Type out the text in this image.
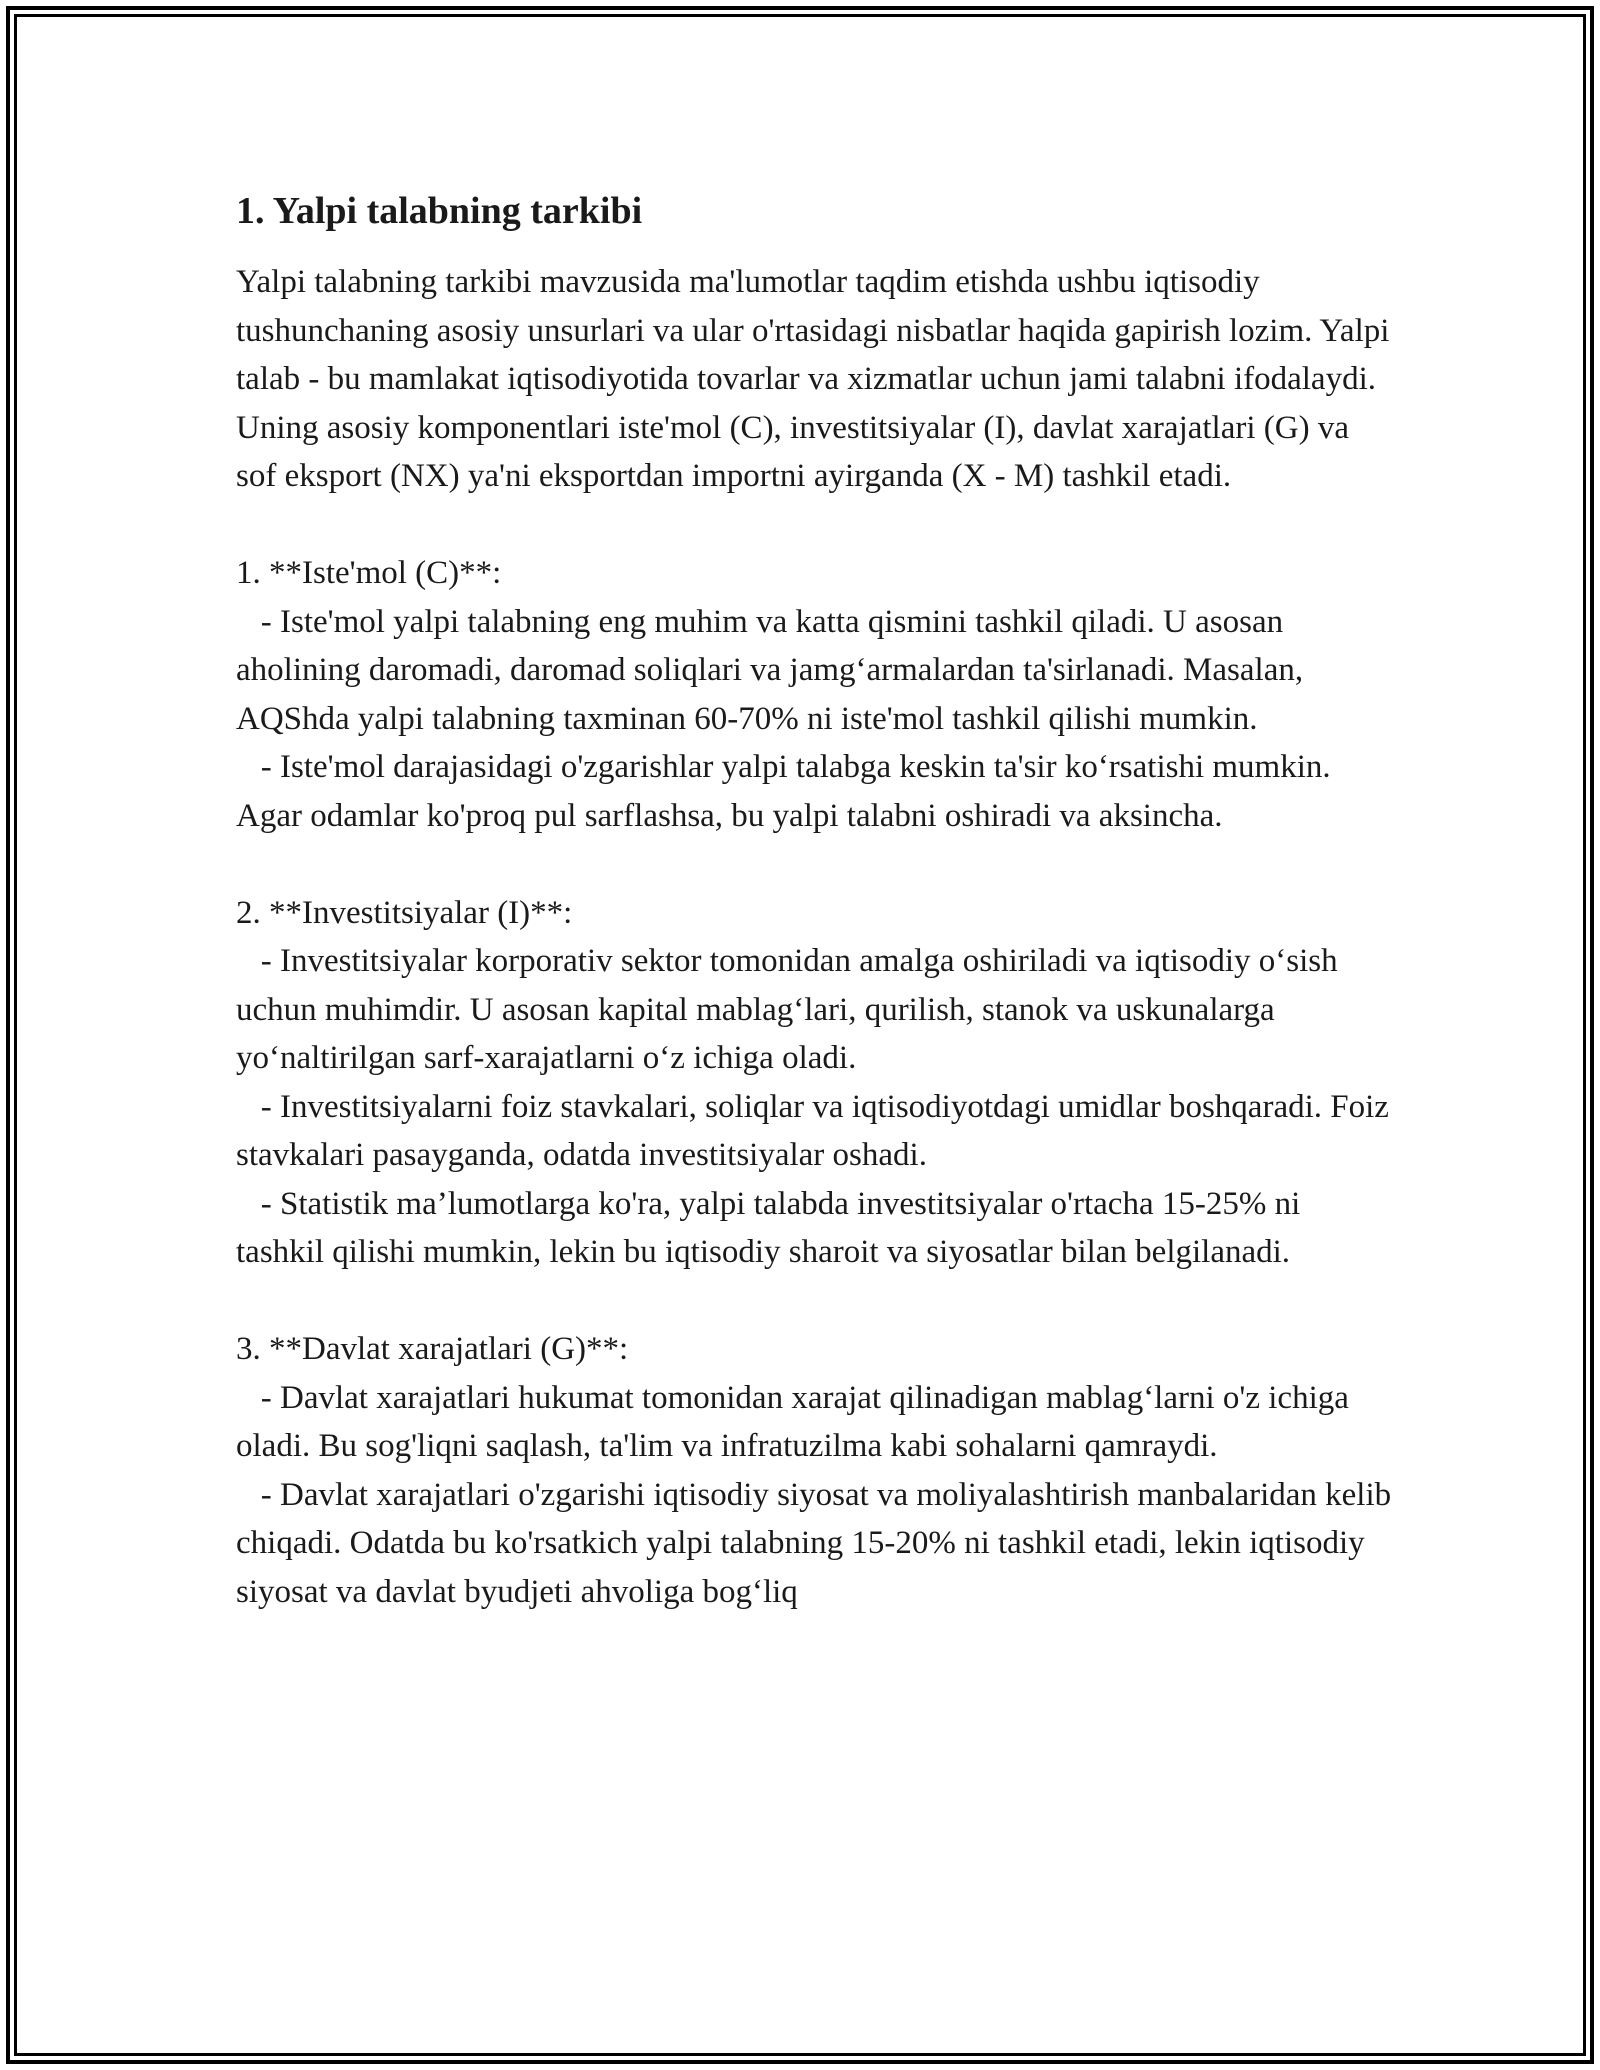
1. Yalpi talabning tarkibi

Yalpi talabning tarkibi mavzusida ma'lumotlar taqdim etishda ushbu iqtisodiy tushunchaning asosiy unsurlari va ular o'rtasidagi nisbatlar haqida gapirish lozim. Yalpi talab - bu mamlakat iqtisodiyotida tovarlar va xizmatlar uchun jami talabni ifodalaydi. Uning asosiy komponentlari iste'mol (C), investitsiyalar (I), davlat xarajatlari (G) va sof eksport (NX) ya'ni eksportdan importni ayirganda (X - M) tashkil etadi.

1. **Iste'mol (C)**:

- Iste'mol yalpi talabning eng muhim va katta qismini tashkil qiladi. U asosan aholining daromadi, daromad soliqlari va jamg‘armalardan ta'sirlanadi. Masalan, AQShda yalpi talabning taxminan 60-70% ni iste'mol tashkil qilishi mumkin.

- Iste'mol darajasidagi o'zgarishlar yalpi talabga keskin ta'sir ko‘rsatishi mumkin. Agar odamlar ko'proq pul sarflashsa, bu yalpi talabni oshiradi va aksincha.

2. **Investitsiyalar (I)**:

- Investitsiyalar korporativ sektor tomonidan amalga oshiriladi va iqtisodiy o‘sish uchun muhimdir. U asosan kapital mablag‘lari, qurilish, stanok va uskunalarga yo‘naltirilgan sarf-xarajatlarni o‘z ichiga oladi.

- Investitsiyalarni foiz stavkalari, soliqlar va iqtisodiyotdagi umidlar boshqaradi. Foiz stavkalari pasayganda, odatda investitsiyalar oshadi.

- Statistik ma’lumotlarga ko'ra, yalpi talabda investitsiyalar o'rtacha 15-25% ni tashkil qilishi mumkin, lekin bu iqtisodiy sharoit va siyosatlar bilan belgilanadi.

3. **Davlat xarajatlari (G)**:

- Davlat xarajatlari hukumat tomonidan xarajat qilinadigan mablag‘larni o'z ichiga oladi. Bu sog'liqni saqlash, ta'lim va infratuzilma kabi sohalarni qamraydi.

- Davlat xarajatlari o'zgarishi iqtisodiy siyosat va moliyalashtirish manbalaridan kelib chiqadi. Odatda bu ko'rsatkich yalpi talabning 15-20% ni tashkil etadi, lekin iqtisodiy siyosat va davlat byudjeti ahvoliga bog‘liq
